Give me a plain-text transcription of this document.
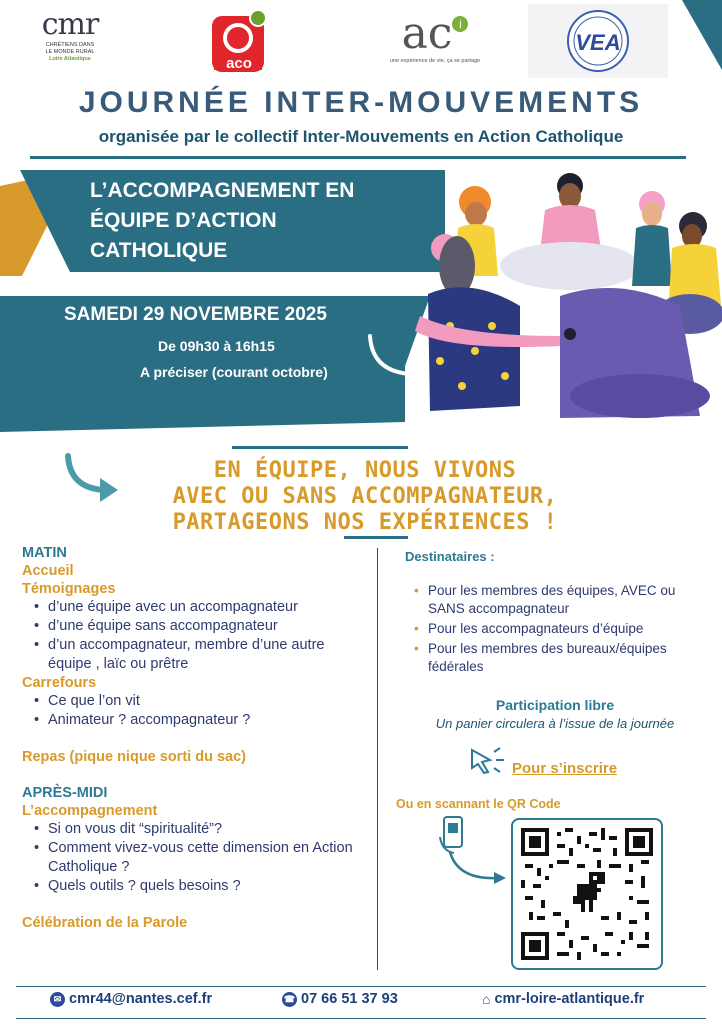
cmr
CHRÉTIENS DANS
LE MONDE RURAL
Loire Atlantique	aco
ac i
une expérience de vie, ça se partage
VEA
JOURNÉE INTER-MOUVEMENTS
organisée par le collectif Inter-Mouvements en Action Catholique
L’ACCOMPAGNEMENT EN
ÉQUIPE D’ACTION
CATHOLIQUE
SAMEDI 29 NOVEMBRE 2025
De 09h30 à 16h15
A préciser (courant octobre)
EN ÉQUIPE, NOUS VIVONS
AVEC OU SANS ACCOMPAGNATEUR,
PARTAGEONS NOS EXPÉRIENCES !
MATIN
Accueil
Témoignages
• d’une équipe avec un accompagnateur
• d’une équipe sans accompagnateur
• d’un accompagnateur, membre d’une autre équipe , laïc ou prêtre
Carrefours
• Ce que l’on vit
• Animateur ? accompagnateur ?
Repas (pique nique sorti du sac)
APRÈS-MIDI
L’accompagnement
• Si on vous dit “spiritualité”?
• Comment vivez-vous cette dimension en Action Catholique ?
• Quels outils ? quels besoins ?
Célébration de la Parole
Destinataires :
• Pour les membres des équipes, AVEC ou SANS accompagnateur
• Pour les accompagnateurs d’équipe
• Pour les membres des bureaux/équipes fédérales
Participation libre
Un panier circulera à l’issue de la journée
Pour s’inscrire
Ou en scannant le QR Code
✉ cmr44@nantes.cef.fr	☎ 07 66 51 37 93	⌂ cmr-loire-atlantique.fr
